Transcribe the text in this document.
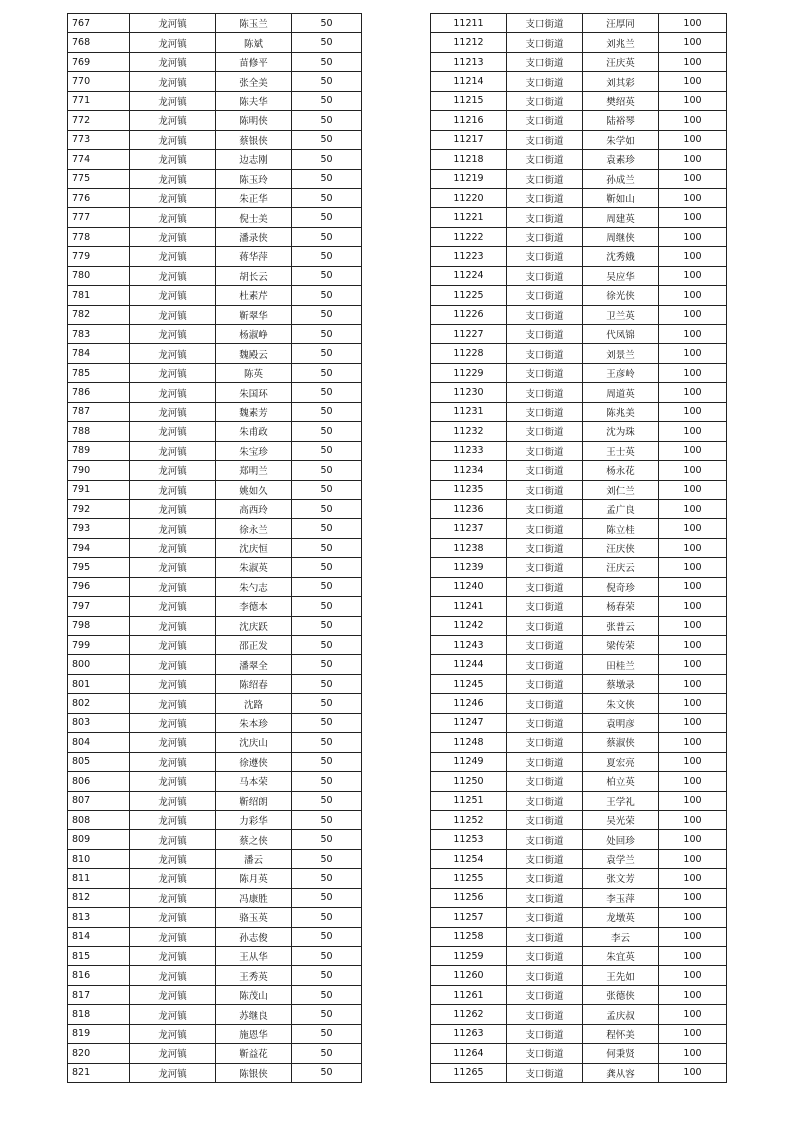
767	龙河镇	陈玉兰	50
768	龙河镇	陈斌	50
769	龙河镇	苗修平	50
770	龙河镇	张全美	50
771	龙河镇	陈夫华	50
772	龙河镇	陈明侠	50
773	龙河镇	蔡银侠	50
774	龙河镇	边志刚	50
775	龙河镇	陈玉玲	50
776	龙河镇	朱正华	50
777	龙河镇	倪士美	50
778	龙河镇	潘录侠	50
779	龙河镇	蒋华萍	50
780	龙河镇	胡长云	50
781	龙河镇	杜素芹	50
782	龙河镇	靳翠华	50
783	龙河镇	杨淑峥	50
784	龙河镇	魏殿云	50
785	龙河镇	陈英	50
786	龙河镇	朱国环	50
787	龙河镇	魏素芳	50
788	龙河镇	朱甫政	50
789	龙河镇	朱宝珍	50
790	龙河镇	郑明兰	50
791	龙河镇	姚如久	50
792	龙河镇	高西玲	50
793	龙河镇	徐永兰	50
794	龙河镇	沈庆恒	50
795	龙河镇	朱淑英	50
796	龙河镇	朱勺志	50
797	龙河镇	李德本	50
798	龙河镇	沈庆跃	50
799	龙河镇	邵正发	50
800	龙河镇	潘翠全	50
801	龙河镇	陈绍春	50
802	龙河镇	沈路	50
803	龙河镇	朱本珍	50
804	龙河镇	沈庆山	50
805	龙河镇	徐遵侠	50
806	龙河镇	马本荣	50
807	龙河镇	靳绍朗	50
808	龙河镇	力彩华	50
809	龙河镇	蔡之侠	50
810	龙河镇	潘云	50
811	龙河镇	陈月英	50
812	龙河镇	冯康胜	50
813	龙河镇	骆玉英	50
814	龙河镇	孙志俊	50
815	龙河镇	王从华	50
816	龙河镇	王秀英	50
817	龙河镇	陈茂山	50
818	龙河镇	苏继良	50
819	龙河镇	施恩华	50
820	龙河镇	靳益花	50
821	龙河镇	陈银侠	50
11211	支口街道	汪厚同	100
11212	支口街道	刘兆兰	100
11213	支口街道	汪庆英	100
11214	支口街道	刘其彩	100
11215	支口街道	樊绍英	100
11216	支口街道	陆裕琴	100
11217	支口街道	朱学如	100
11218	支口街道	袁素珍	100
11219	支口街道	孙成兰	100
11220	支口街道	靳如山	100
11221	支口街道	周建英	100
11222	支口街道	周继侠	100
11223	支口街道	沈秀娥	100
11224	支口街道	吴应华	100
11225	支口街道	徐光侠	100
11226	支口街道	卫兰英	100
11227	支口街道	代凤锦	100
11228	支口街道	刘景兰	100
11229	支口街道	王彦岭	100
11230	支口街道	周道英	100
11231	支口街道	陈兆美	100
11232	支口街道	沈为珠	100
11233	支口街道	王士英	100
11234	支口街道	杨永花	100
11235	支口街道	刘仁兰	100
11236	支口街道	孟广良	100
11237	支口街道	陈立桂	100
11238	支口街道	汪庆侠	100
11239	支口街道	汪庆云	100
11240	支口街道	倪奇珍	100
11241	支口街道	杨春荣	100
11242	支口街道	张普云	100
11243	支口街道	梁传荣	100
11244	支口街道	田桂兰	100
11245	支口街道	蔡墩录	100
11246	支口街道	朱文侠	100
11247	支口街道	袁明彦	100
11248	支口街道	蔡淑侠	100
11249	支口街道	夏宏亮	100
11250	支口街道	柏立英	100
11251	支口街道	王学礼	100
11252	支口街道	吴光荣	100
11253	支口街道	处回珍	100
11254	支口街道	袁学兰	100
11255	支口街道	张文芳	100
11256	支口街道	李玉萍	100
11257	支口街道	龙墩英	100
11258	支口街道	李云	100
11259	支口街道	朱宜英	100
11260	支口街道	王先如	100
11261	支口街道	张德侠	100
11262	支口街道	孟庆叔	100
11263	支口街道	程怀美	100
11264	支口街道	何秉贤	100
11265	支口街道	龚从容	100
